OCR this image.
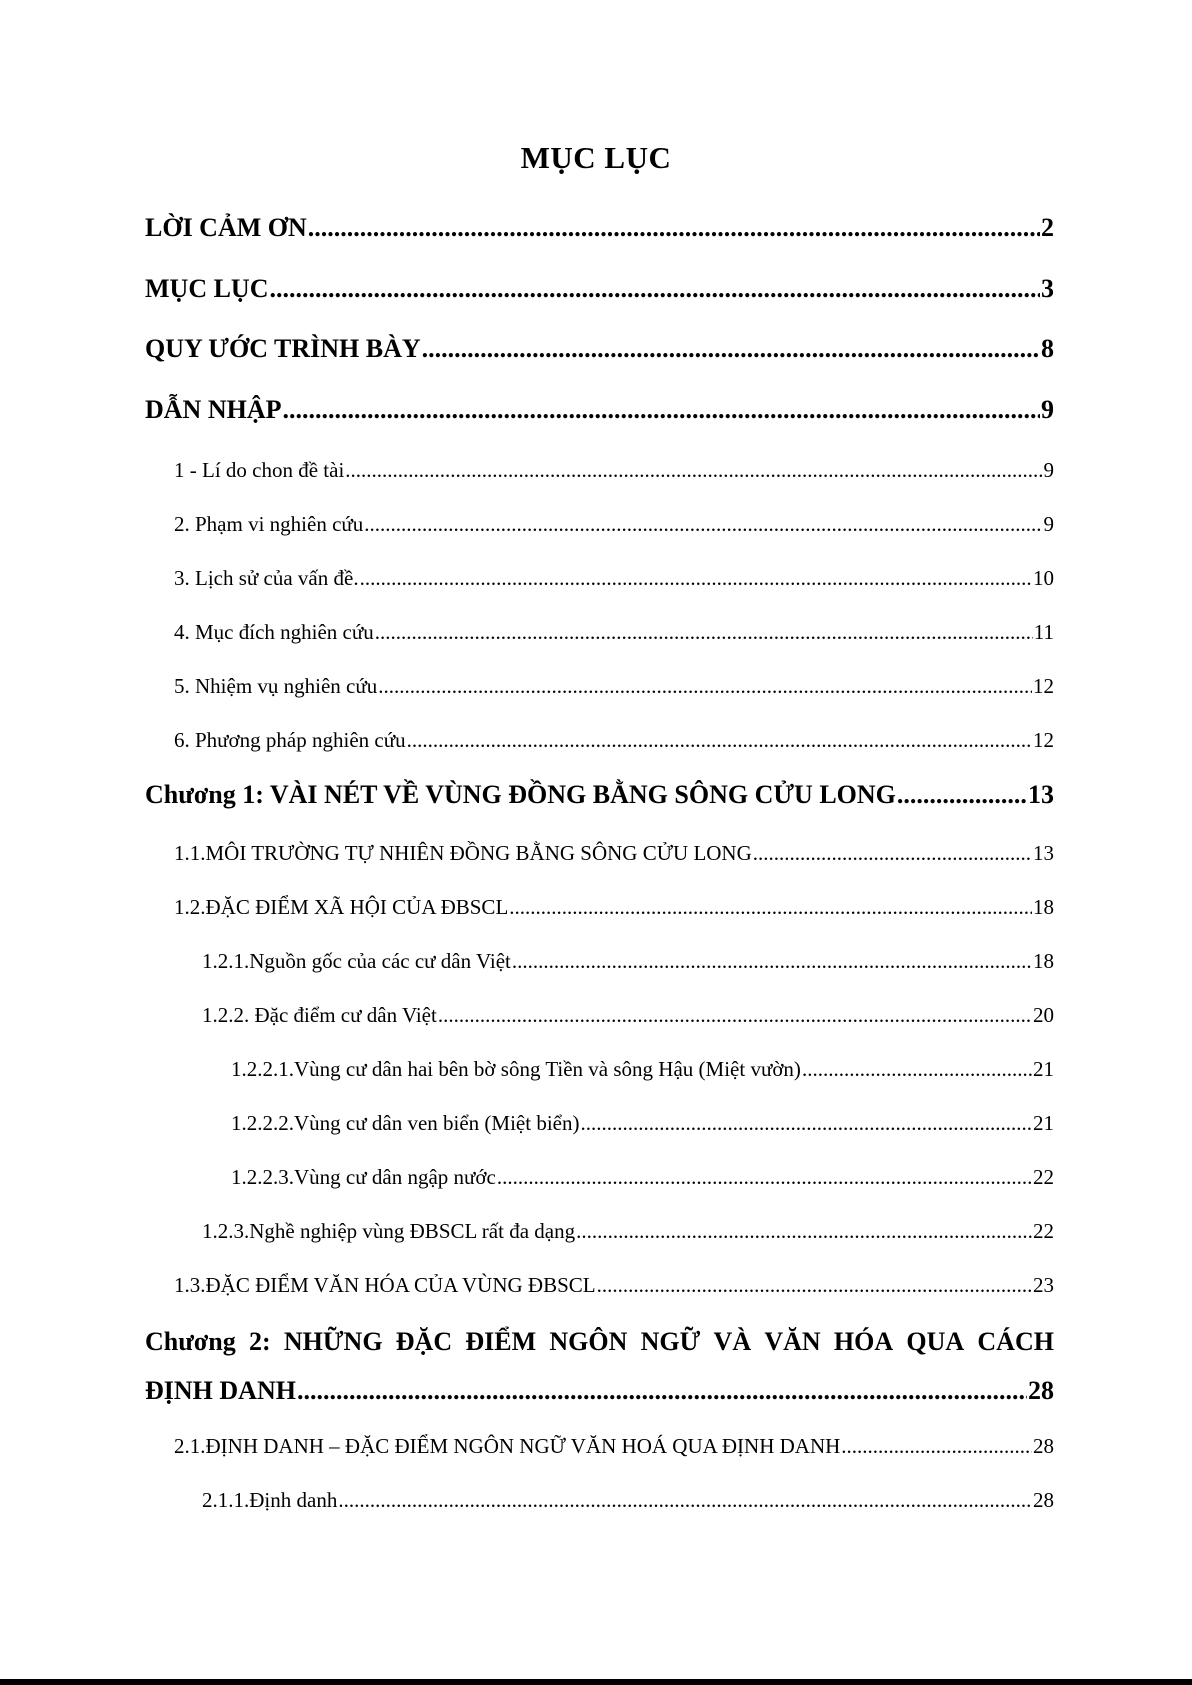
MỤC LỤC
LỜI CẢM ƠN .....	2
MỤC LỤC .....	3
QUY ƯỚC TRÌNH BÀY .....	8
DẪN NHẬP .....	9
1 - Lí do chon đề tài .....	9
2. Phạm vi nghiên cứu .....	9
3. Lịch sử của vấn đề. .....	10
4. Mục đích nghiên cứu .....	11
5. Nhiệm vụ nghiên cứu .....	12
6. Phương pháp nghiên cứu .....	12
Chương 1: VÀI NÉT VỀ VÙNG ĐỒNG BẰNG SÔNG CỬU LONG .....	13
1.1.MÔI TRƯỜNG TỰ NHIÊN ĐỒNG BẰNG SÔNG CỬU LONG .....	13
1.2.ĐẶC ĐIỂM XÃ HỘI CỦA ĐBSCL .....	18
1.2.1.Nguồn gốc của các cư dân Việt .....	18
1.2.2. Đặc điểm cư dân Việt .....	20
1.2.2.1.Vùng cư dân hai bên bờ sông Tiền và sông Hậu (Miệt vườn) .....	21
1.2.2.2.Vùng cư dân ven biển (Miệt biển) .....	21
1.2.2.3.Vùng cư dân ngập nước .....	22
1.2.3.Nghề nghiệp vùng ĐBSCL rất đa dạng .....	22
1.3.ĐẶC ĐIỂM VĂN HÓA CỦA VÙNG ĐBSCL .....	23
Chương 2: NHỮNG ĐẶC ĐIỂM NGÔN NGỮ VÀ VĂN HÓA QUA CÁCH
ĐỊNH DANH .....	28
2.1.ĐỊNH DANH – ĐẶC ĐIỂM NGÔN NGỮ VĂN HOÁ QUA ĐỊNH DANH .....	28
2.1.1.Định danh .....	28
